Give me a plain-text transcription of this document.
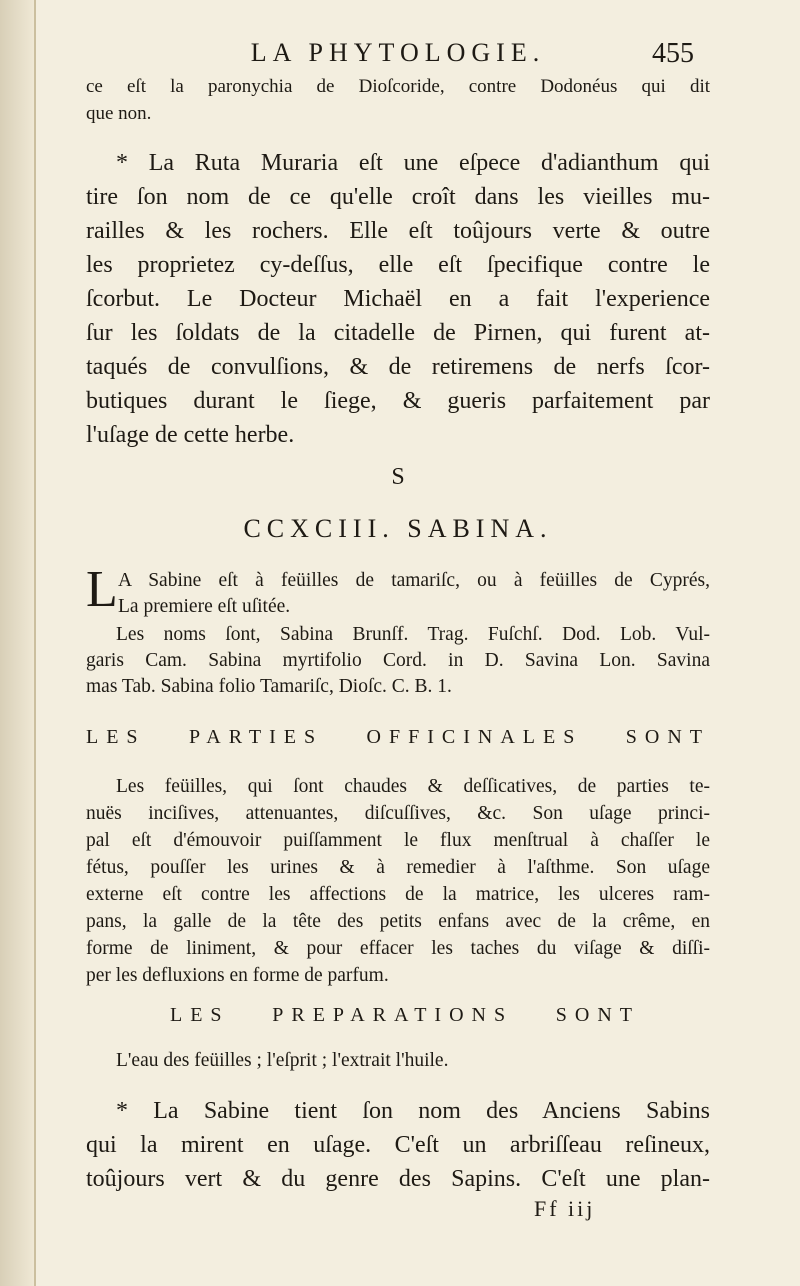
LA PHYTOLOGIE.	455
ce eſt la paronychia de Dioſcoride, contre Dodonéus qui dit
que non.
* La Ruta Muraria eſt une eſpece d'adianthum qui
tire ſon nom de ce qu'elle croît dans les vieilles mu-
railles & les rochers. Elle eſt toûjours verte & outre
les proprietez cy-deſſus, elle eſt ſpecifique contre le
ſcorbut. Le Docteur Michaël en a fait l'experience
ſur les ſoldats de la citadelle de Pirnen, qui furent at-
taqués de convulſions, & de retiremens de nerfs ſcor-
butiques durant le ſiege, & gueris parfaitement par
l'uſage de cette herbe.
S
CCXCIII. SABINA.
L A Sabine eſt à feüilles de tamariſc, ou à feüilles de Cyprés,
La premiere eſt uſitée.
Les noms ſont, Sabina Brunſf. Trag. Fuſchſ. Dod. Lob. Vul-
garis Cam. Sabina myrtifolio Cord. in D. Savina Lon. Savina
mas Tab. Sabina folio Tamariſc, Dioſc. C. B. 1.
LES PARTIES OFFICINALES SONT
Les feüilles, qui ſont chaudes & deſſicatives, de parties te-
nuës inciſives, attenuantes, diſcuſſives, &c. Son uſage princi-
pal eſt d'émouvoir puiſſamment le flux menſtrual à chaſſer le
fétus, pouſſer les urines & à remedier à l'aſthme. Son uſage
externe eſt contre les affections de la matrice, les ulceres ram-
pans, la galle de la tête des petits enfans avec de la crême, en
forme de liniment, & pour effacer les taches du viſage & diſſi-
per les defluxions en forme de parfum.
LES PREPARATIONS SONT
L'eau des feüilles ; l'eſprit ; l'extrait l'huile.
* La Sabine tient ſon nom des Anciens Sabins
qui la mirent en uſage. C'eſt un arbriſſeau reſineux,
toûjours vert & du genre des Sapins. C'eſt une plan-
Ff iij
